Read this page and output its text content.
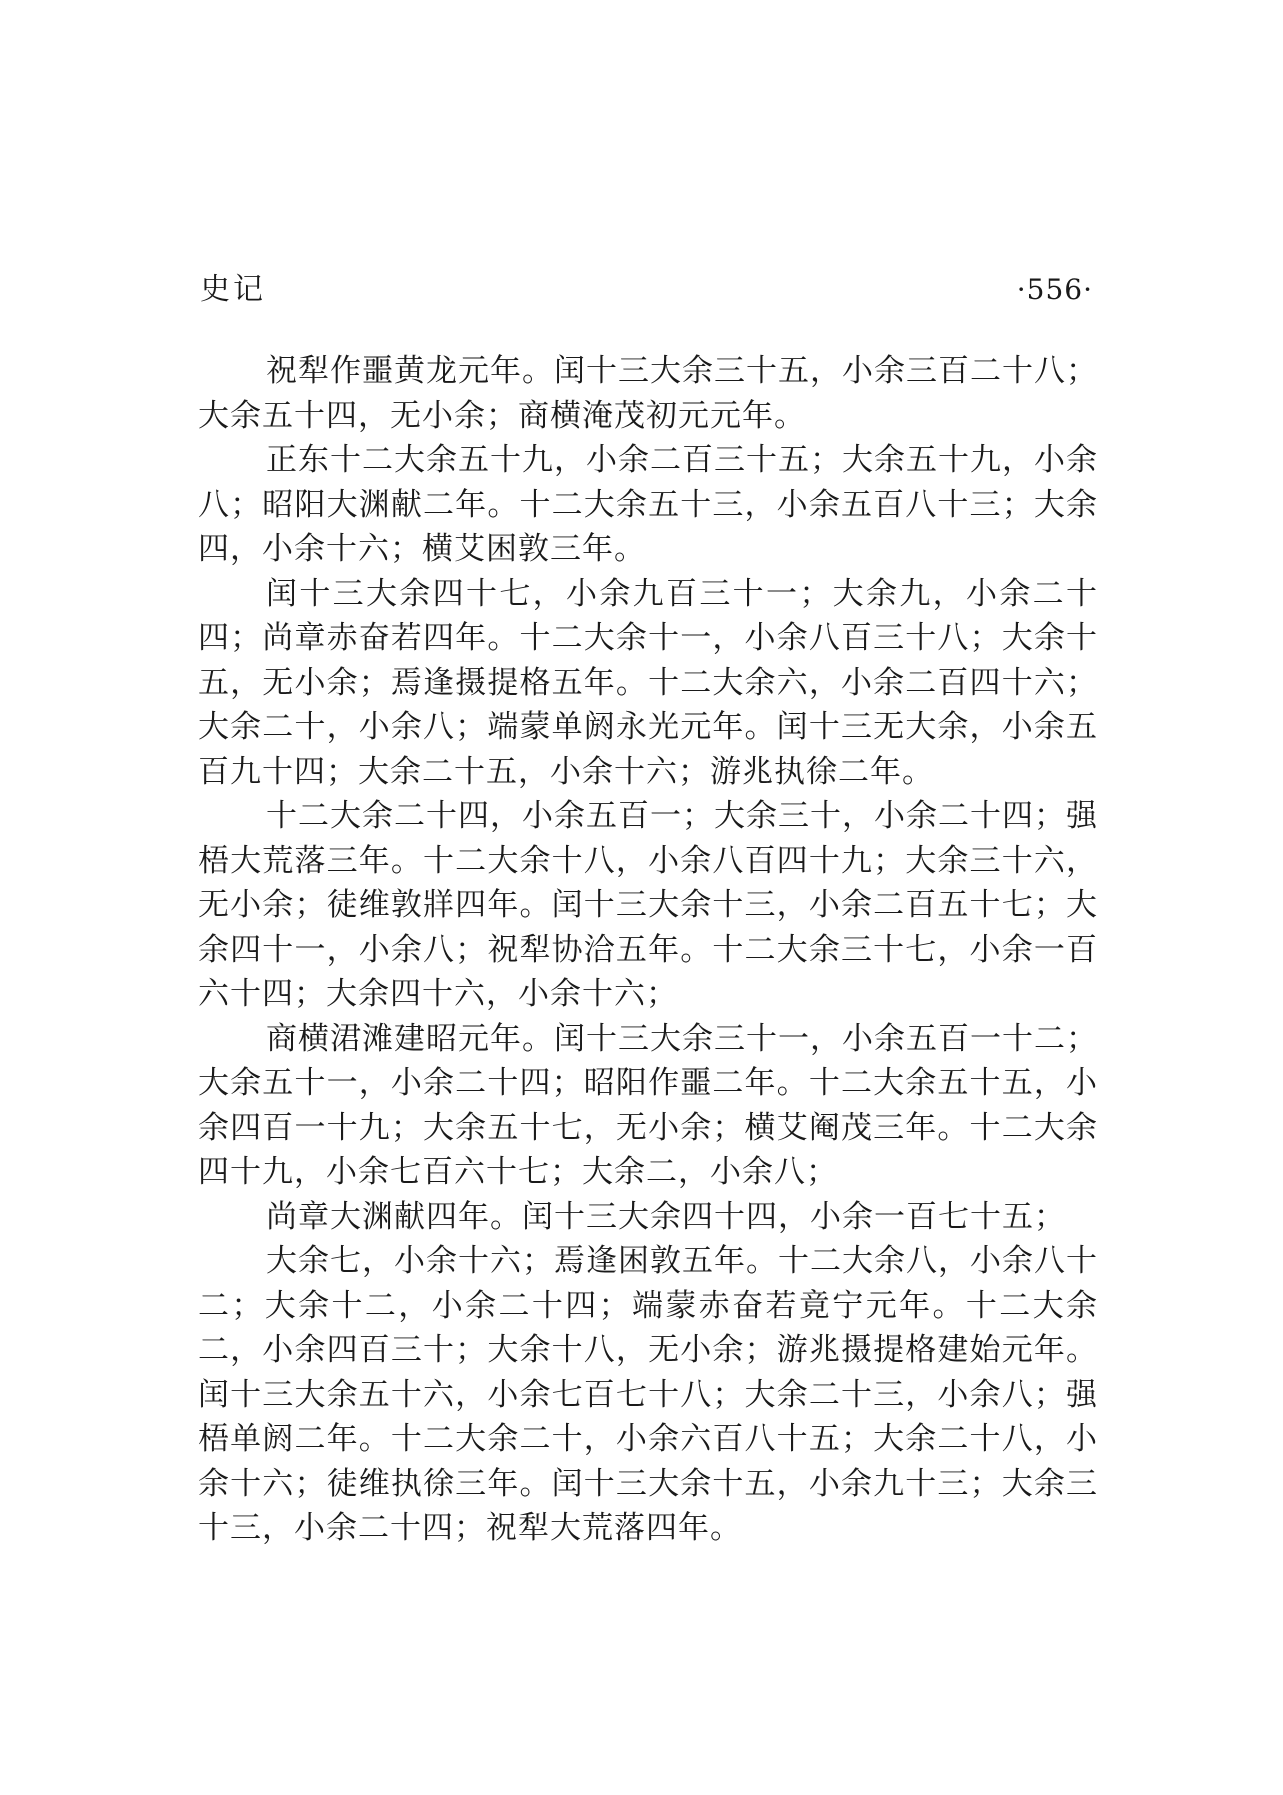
史记	·556·

祝犁作噩黄龙元年。闰十三大余三十五，小余三百二十八；大余五十四，无小余；商横淹茂初元元年。

正东十二大余五十九，小余二百三十五；大余五十九，小余八；昭阳大渊献二年。十二大余五十三，小余五百八十三；大余四，小余十六；横艾困敦三年。

闰十三大余四十七，小余九百三十一；大余九，小余二十四；尚章赤奋若四年。十二大余十一，小余八百三十八；大余十五，无小余；焉逢摄提格五年。十二大余六，小余二百四十六；大余二十，小余八；端蒙单阏永光元年。闰十三无大余，小余五百九十四；大余二十五，小余十六；游兆执徐二年。

十二大余二十四，小余五百一；大余三十，小余二十四；强梧大荒落三年。十二大余十八，小余八百四十九；大余三十六，无小余；徒维敦牂四年。闰十三大余十三，小余二百五十七；大余四十一，小余八；祝犁协洽五年。十二大余三十七，小余一百六十四；大余四十六，小余十六；

商横涒滩建昭元年。闰十三大余三十一，小余五百一十二；大余五十一，小余二十四；昭阳作噩二年。十二大余五十五，小余四百一十九；大余五十七，无小余；横艾阉茂三年。十二大余四十九，小余七百六十七；大余二，小余八；

尚章大渊献四年。闰十三大余四十四，小余一百七十五；

大余七，小余十六；焉逢困敦五年。十二大余八，小余八十二；大余十二，小余二十四；端蒙赤奋若竟宁元年。十二大余二，小余四百三十；大余十八，无小余；游兆摄提格建始元年。闰十三大余五十六，小余七百七十八；大余二十三，小余八；强梧单阏二年。十二大余二十，小余六百八十五；大余二十八，小余十六；徒维执徐三年。闰十三大余十五，小余九十三；大余三十三，小余二十四；祝犁大荒落四年。
